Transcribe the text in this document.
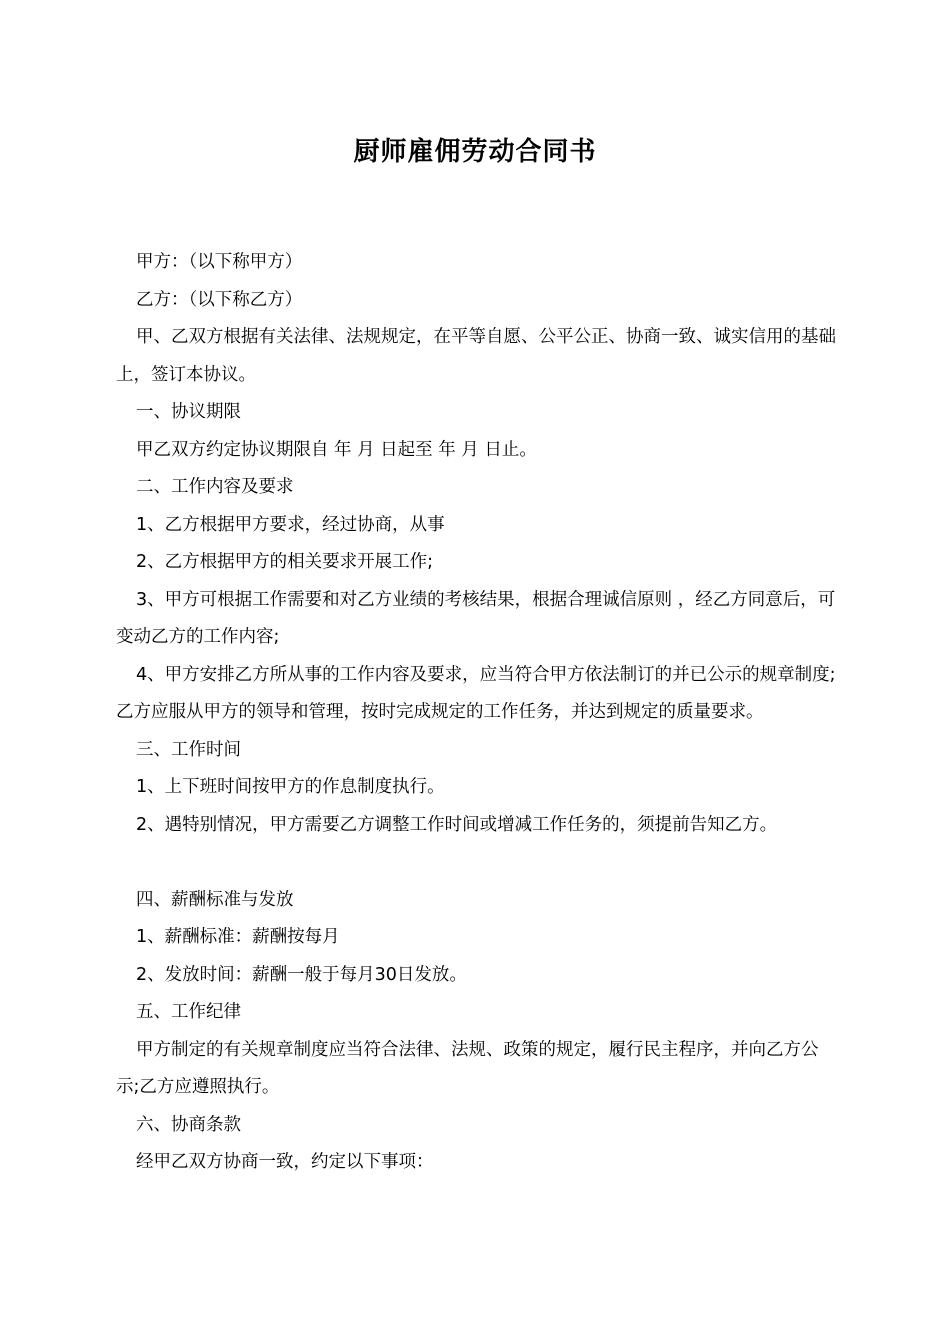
厨师雇佣劳动合同书

甲方：（以下称甲方）

乙方：（以下称乙方）

甲、乙双方根据有关法律、法规规定，在平等自愿、公平公正、协商一致、诚实信用的基础上，签订本协议。

一、协议期限

甲乙双方约定协议期限自 年 月 日起至 年 月 日止。

二、工作内容及要求

1、乙方根据甲方要求，经过协商，从事

2、乙方根据甲方的相关要求开展工作;

3、甲方可根据工作需要和对乙方业绩的考核结果，根据合理诚信原则 ，经乙方同意后，可变动乙方的工作内容;

4、甲方安排乙方所从事的工作内容及要求，应当符合甲方依法制订的并已公示的规章制度;乙方应服从甲方的领导和管理，按时完成规定的工作任务，并达到规定的质量要求。

三、工作时间

1、上下班时间按甲方的作息制度执行。

2、遇特别情况，甲方需要乙方调整工作时间或增减工作任务的，须提前告知乙方。

四、薪酬标准与发放

1、薪酬标准：薪酬按每月

2、发放时间：薪酬一般于每月30日发放。

五、工作纪律

甲方制定的有关规章制度应当符合法律、法规、政策的规定，履行民主程序，并向乙方公示;乙方应遵照执行。

六、协商条款

经甲乙双方协商一致，约定以下事项：
